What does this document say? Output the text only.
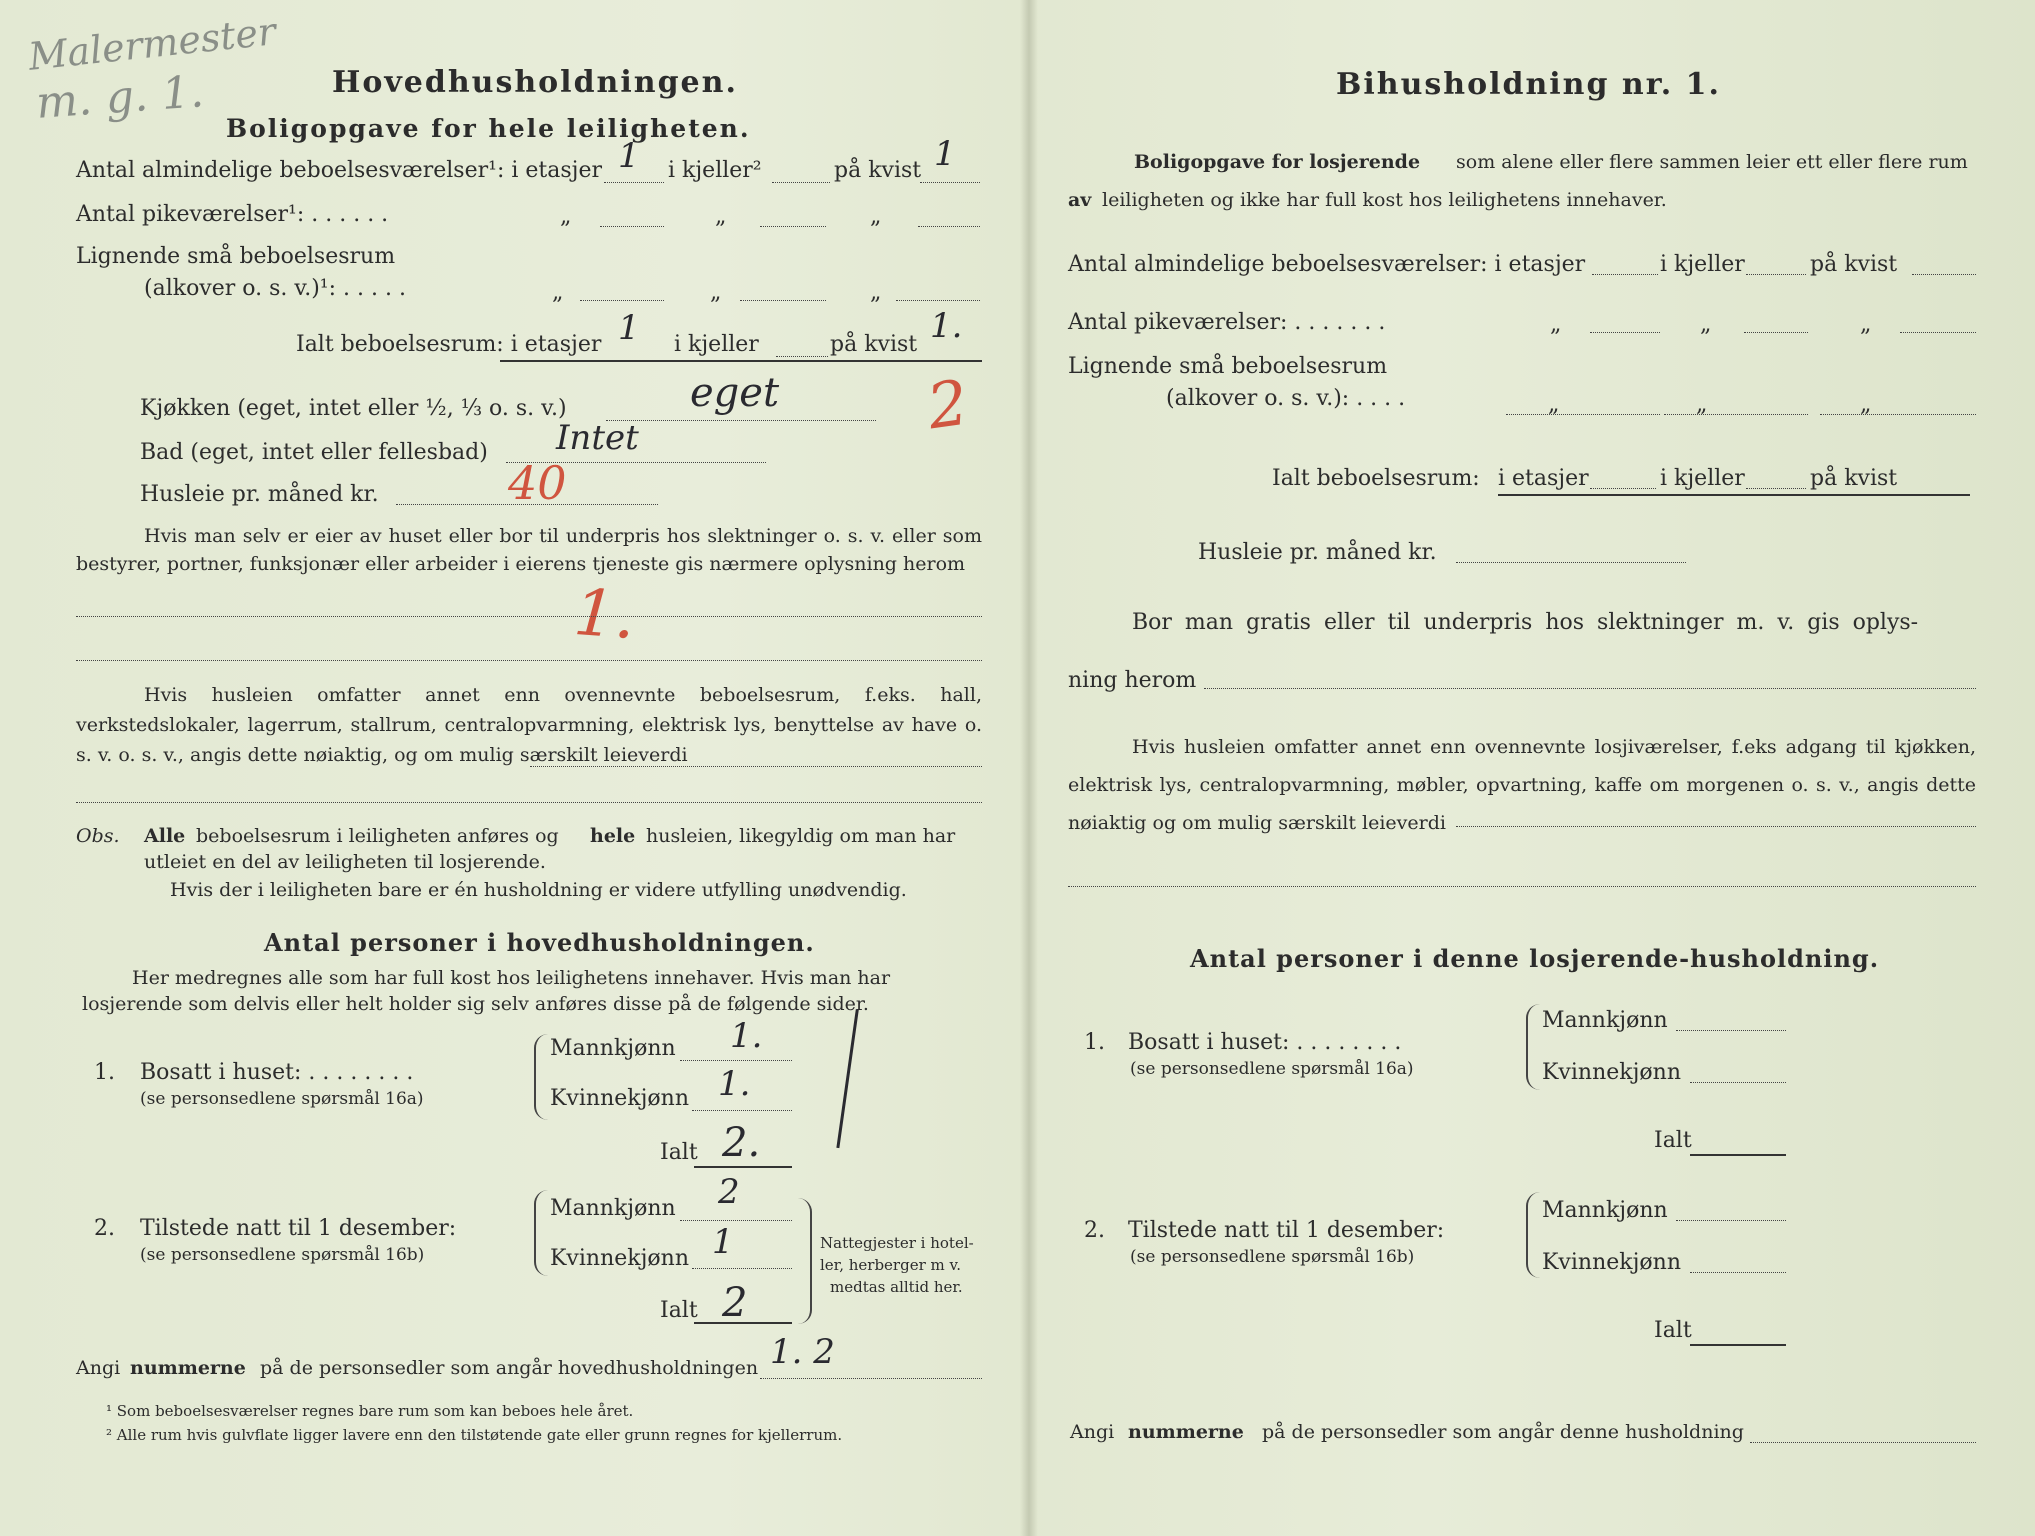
Malermester
m. g. 1.	Hovedhusholdningen.
Boligopgave for hele leiligheten.
Antal almindelige beboelsesværelser¹: i etasjer 1 i kjeller²	på kvist 1
Antal pikeværelser¹: . . . . . .	„	„	„
Lignende små beboelsesrum
(alkover o. s. v.)¹: . . . . .	„	„	„
Ialt beboelsesrum: i etasjer 1 i kjeller	på kvist 1.
Kjøkken (eget, intet eller ½, ⅓ o. s. v.)	eget 2
Bad (eget, intet eller fellesbad) Intet
Husleie pr. måned kr.	40
Hvis man selv er eier av huset eller bor til underpris hos slektninger o. s. v. eller som bestyrer, portner, funksjonær eller arbeider i eierens tjeneste gis nærmere oplysning herom
1.
Hvis husleien omfatter annet enn ovennevnte beboelsesrum, f.eks. hall, verkstedslokaler, lagerrum, stallrum, centralopvarmning, elektrisk lys, benyttelse av have o. s. v. o. s. v., angis dette nøiaktig, og om mulig særskilt leieverdi
Obs. Alle beboelsesrum i leiligheten anføres og hele husleien, likegyldig om man har
utleiet en del av leiligheten til losjerende.
Hvis der i leiligheten bare er én husholdning er videre utfylling unødvendig.
Antal personer i hovedhusholdningen.
Her medregnes alle som har full kost hos leilighetens innehaver. Hvis man har
losjerende som delvis eller helt holder sig selv anføres disse på de følgende sider.
1. Bosatt i huset: . . . . . . . .
(se personsedlene spørsmål 16a)
Mannkjønn 1.
Kvinnekjønn 1.
Ialt 2.
2. Tilstede natt til 1 desember:
(se personsedlene spørsmål 16b)
Mannkjønn 2
Kvinnekjønn 1
Ialt 2
Nattegjester i hotel-
ler, herberger m v.
medtas alltid her.
Angi nummerne på de personsedler som angår hovedhusholdningen 1. 2
¹ Som beboelsesværelser regnes bare rum som kan beboes hele året.
² Alle rum hvis gulvflate ligger lavere enn den tilstøtende gate eller grunn regnes for kjellerrum.
Bihusholdning nr. 1.
Boligopgave for losjerende som alene eller flere sammen leier ett eller flere rum
av leiligheten og ikke har full kost hos leilighetens innehaver.
Antal almindelige beboelsesværelser: i etasjer	i kjeller	på kvist
Antal pikeværelser: . . . . . . .	„	„	„
Lignende små beboelsesrum
(alkover o. s. v.): . . . .	„	„	„
Ialt beboelsesrum: i etasjer	i kjeller	på kvist
Husleie pr. måned kr.
Bor man gratis eller til underpris hos slektninger m. v. gis oplys-
ning herom
Hvis husleien omfatter annet enn ovennevnte losjiværelser, f.eks adgang til kjøkken, elektrisk lys, centralopvarmning, møbler, opvartning, kaffe om morgenen o. s. v., angis dette nøiaktig og om mulig særskilt leieverdi
Antal personer i denne losjerende-husholdning.
1. Bosatt i huset: . . . . . . . .
(se personsedlene spørsmål 16a)
Mannkjønn
Kvinnekjønn
Ialt
2. Tilstede natt til 1 desember:
(se personsedlene spørsmål 16b)
Mannkjønn
Kvinnekjønn
Ialt
Angi nummerne på de personsedler som angår denne husholdning
